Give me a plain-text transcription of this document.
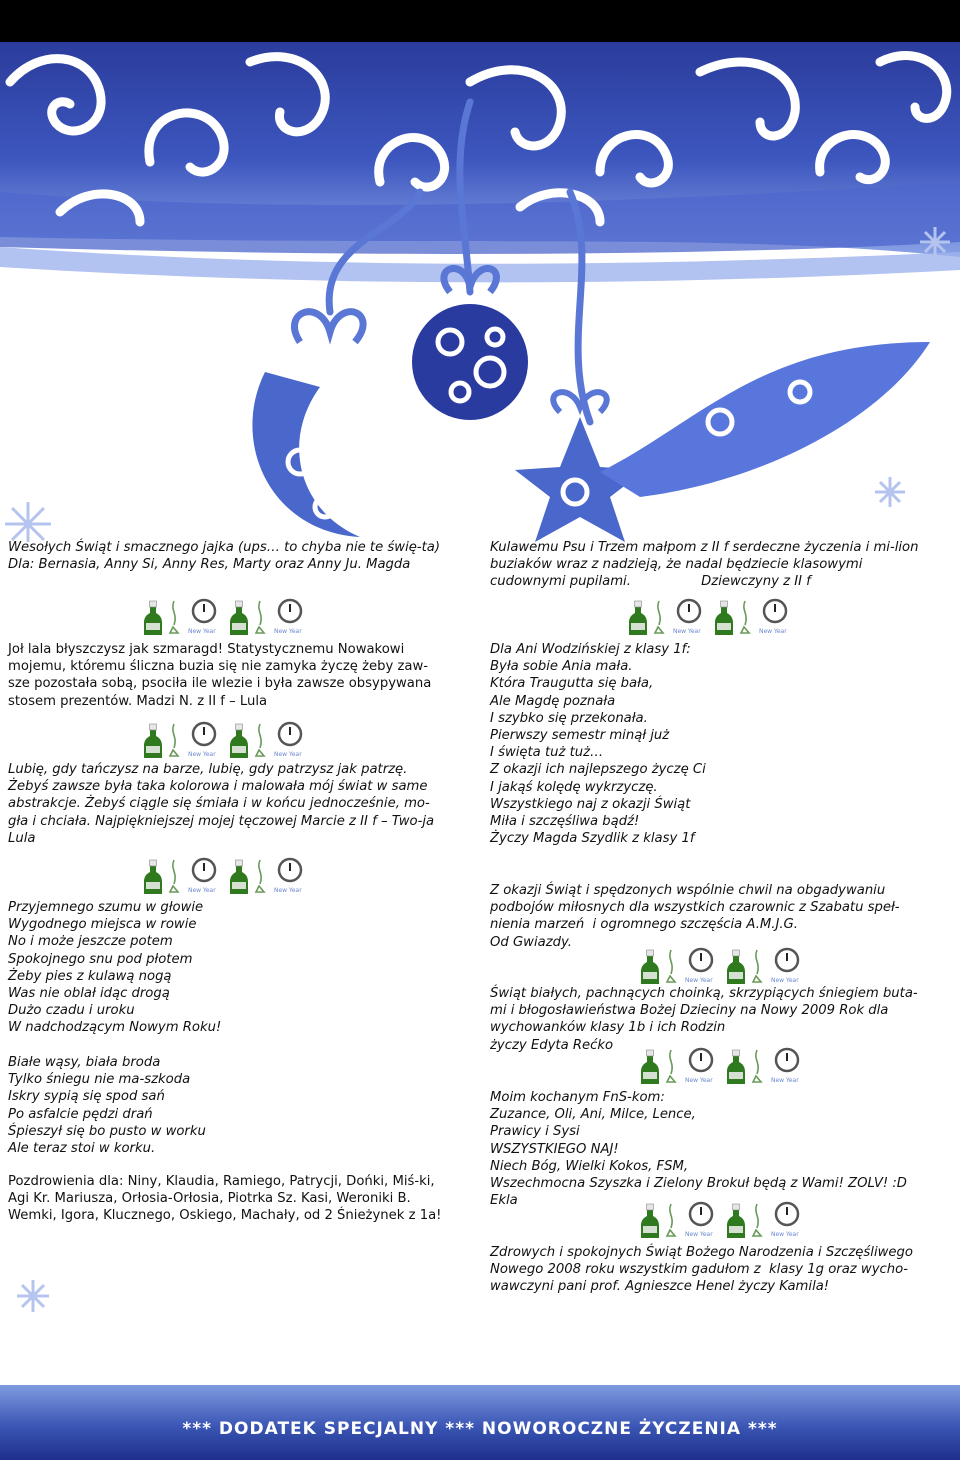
Wesołych Świąt i smacznego jajka (ups… to chyba nie te świę-ta) Dla: Bernasia, Anny Si, Anny Res, Marty oraz Anny Ju. Magda
Kulawemu Psu i Trzem małpom z II f serdeczne życzenia i mi-lion buziaków wraz z nadzieją, że nadal będziecie klasowymi cudownymi pupilami.	Dziewczyny z II f
Joł lala błyszczysz jak szmaragd! Statystycznemu Nowakowi mojemu, któremu śliczna buzia się nie zamyka życzę żeby zaw-sze pozostała sobą, psociła ile wlezie i była zawsze obsypywana stosem prezentów. Madzi N. z II f – Lula
Lubię, gdy tańczysz na barze, lubię, gdy patrzysz jak patrzę. Żebyś zawsze była taka kolorowa i malowała mój świat w same abstrakcje. Żebyś ciągle się śmiała i w końcu jednocześnie, mo-gła i chciała. Najpiękniejszej mojej tęczowej Marcie z II f – Two-ja Lula
Przyjemnego szumu w głowie
Wygodnego miejsca w rowie
No i może jeszcze potem
Spokojnego snu pod płotem
Żeby pies z kulawą nogą
Was nie oblał idąc drogą
Dużo czadu i uroku
W nadchodzącym Nowym Roku!
Białe wąsy, biała broda
Tylko śniegu nie ma-szkoda
Iskry sypią się spod sań
Po asfalcie pędzi drań
Śpieszył się bo pusto w worku
Ale teraz stoi w korku.
Pozdrowienia dla: Niny, Klaudia, Ramiego, Patrycji, Dońki, Miś-ki, Agi Kr. Mariusza, Orłosia-Orłosia, Piotrka Sz. Kasi, Weroniki B. Wemki, Igora, Klucznego, Oskiego, Machały, od 2 Śnieżynek z 1a!
Dla Ani Wodzińskiej z klasy 1f:
Była sobie Ania mała.
Która Traugutta się bała,
Ale Magdę poznała
I szybko się przekonała.
Pierwszy semestr minął już
I święta tuż tuż…
Z okazji ich najlepszego życzę Ci
I jakąś kolędę wykrzyczę.
Wszystkiego naj z okazji Świąt
Miła i szczęśliwa bądź!
Życzy Magda Szydlik z klasy 1f
Z okazji Świąt i spędzonych wspólnie chwil na obgadywaniu
podbojów miłosnych dla wszystkich czarownic z Szabatu speł-
nienia marzeń  i ogromnego szczęścia A.M.J.G.
Od Gwiazdy.
Świąt białych, pachnących choinką, skrzypiących śniegiem buta-
mi i błogosławieństwa Bożej Dzieciny na Nowy 2009 Rok dla
wychowanków klasy 1b i ich Rodzin
życzy Edyta Rećko
Moim kochanym FnS-kom:
Zuzance, Oli, Ani, Milce, Lence,
Prawicy i Sysi
WSZYSTKIEGO NAJ!
Niech Bóg, Wielki Kokos, FSM,
Wszechmocna Szyszka i Zielony Brokuł będą z Wami! ZOLV! :D
Ekla
Zdrowych i spokojnych Świąt Bożego Narodzenia i Szczęśliwego
Nowego 2008 roku wszystkim gadułom z  klasy 1g oraz wycho-
wawczyni pani prof. Agnieszce Henel życzy Kamila!
*** DODATEK SPECJALNY *** NOWOROCZNE ŻYCZENIA ***
